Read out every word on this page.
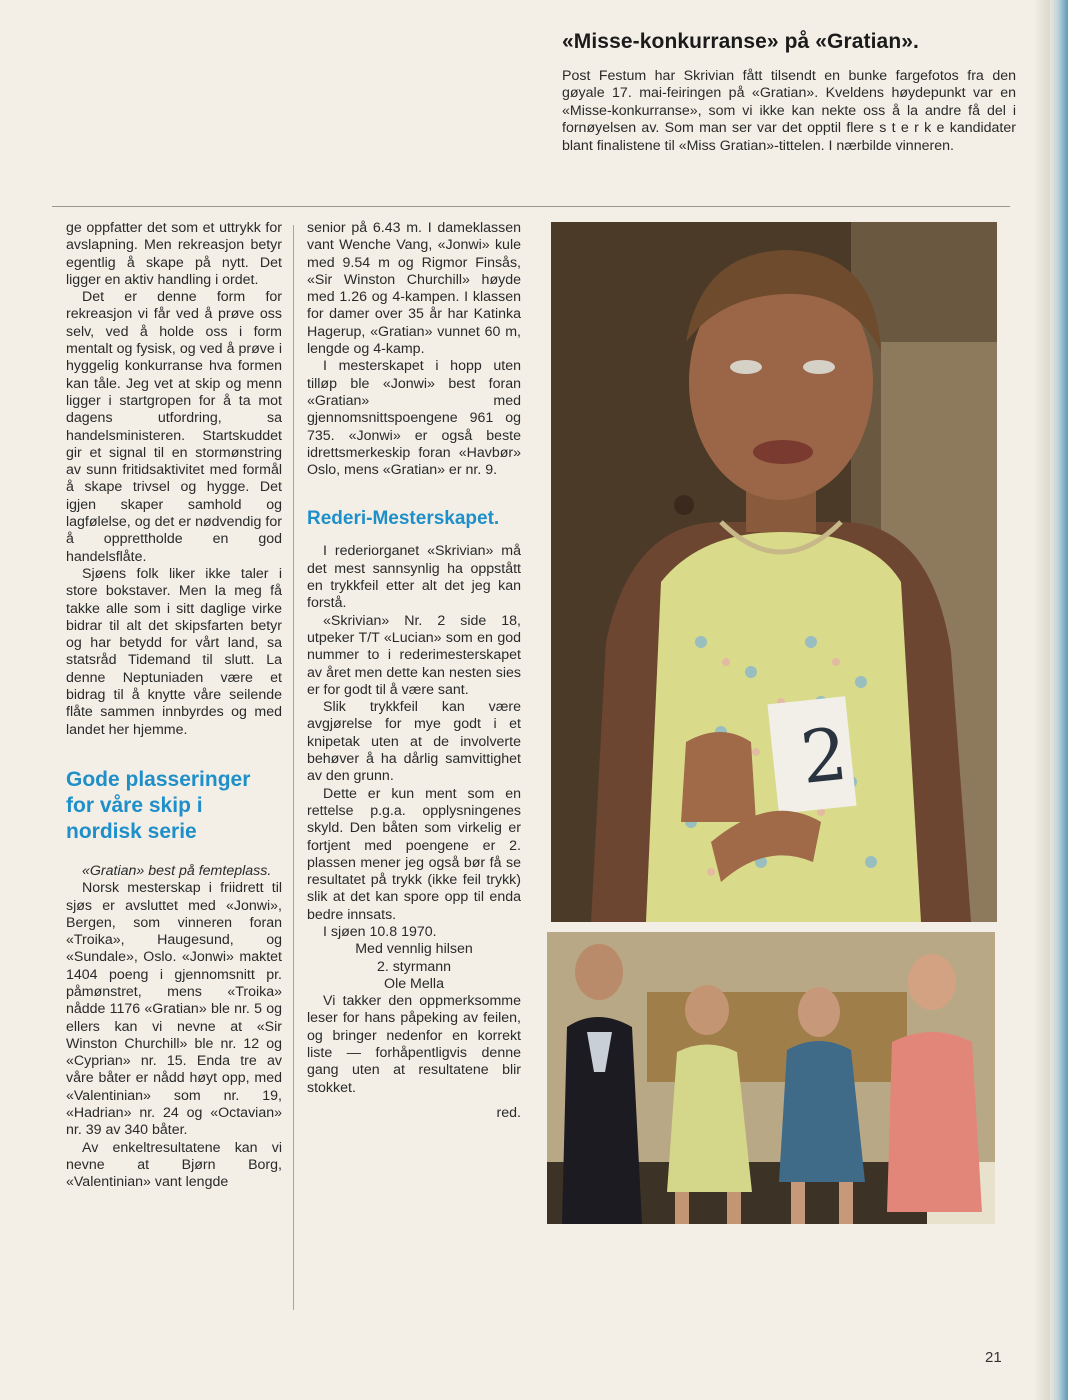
«Misse-konkurranse» på «Gratian».

Post Festum har Skrivian fått tilsendt en bunke fargefotos fra den gøyale 17. mai-feiringen på «Gratian». Kveldens høydepunkt var en «Misse-konkurranse», som vi ikke kan nekte oss å la andre få del i fornøyelsen av. Som man ser var det opptil flere s t e r k e kandidater blant finalistene til «Miss Gratian»-tittelen. I nærbilde vinneren.

ge oppfatter det som et uttrykk for avslapning. Men rekreasjon betyr egentlig å skape på nytt. Det ligger en aktiv handling i ordet.

Det er denne form for rekreasjon vi får ved å prøve oss selv, ved å holde oss i form mentalt og fysisk, og ved å prøve i hyggelig konkurranse hva formen kan tåle. Jeg vet at skip og menn ligger i startgropen for å ta mot dagens utfordring, sa handelsministeren. Startskuddet gir et signal til en stormønstring av sunn fritidsaktivitet med formål å skape trivsel og hygge. Det igjen skaper samhold og lagfølelse, og det er nødvendig for å opprettholde en god handelsflåte.

Sjøens folk liker ikke taler i store bokstaver. Men la meg få takke alle som i sitt daglige virke bidrar til alt det skipsfarten betyr og har betydd for vårt land, sa statsråd Tidemand til slutt. La denne Neptuniaden være et bidrag til å knytte våre seilende flåte sammen innbyrdes og med landet her hjemme.

Gode plasseringer for våre skip i nordisk serie

«Gratian» best på femteplass.

Norsk mesterskap i friidrett til sjøs er avsluttet med «Jonwi», Bergen, som vinneren foran «Troika», Haugesund, og «Sundale», Oslo. «Jonwi» maktet 1404 poeng i gjennomsnitt pr. påmønstret, mens «Troika» nådde 1176 «Gratian» ble nr. 5 og ellers kan vi nevne at «Sir Winston Churchill» ble nr. 12 og «Cyprian» nr. 15. Enda tre av våre båter er nådd høyt opp, med «Valentinian» som nr. 19, «Hadrian» nr. 24 og «Octavian» nr. 39 av 340 båter.

Av enkeltresultatene kan vi nevne at Bjørn Borg, «Valentinian» vant lengde

senior på 6.43 m. I dameklassen vant Wenche Vang, «Jonwi» kule med 9.54 m og Rigmor Finsås, «Sir Winston Churchill» høyde med 1.26 og 4-kampen. I klassen for damer over 35 år har Katinka Hagerup, «Gratian» vunnet 60 m, lengde og 4-kamp.

I mesterskapet i hopp uten tilløp ble «Jonwi» best foran «Gratian» med gjennomsnittspoengene 961 og 735. «Jonwi» er også beste idrettsmerkeskip foran «Havbør» Oslo, mens «Gratian» er nr. 9.

Rederi-Mesterskapet.

I rederiorganet «Skrivian» må det mest sannsynlig ha oppstått en trykkfeil etter alt det jeg kan forstå.

«Skrivian» Nr. 2 side 18, utpeker T/T «Lucian» som en god nummer to i rederimesterskapet av året men dette kan nesten sies er for godt til å være sant.

Slik trykkfeil kan være avgjørelse for mye godt i et knipetak uten at de involverte behøver å ha dårlig samvittighet av den grunn.

Dette er kun ment som en rettelse p.g.a. opplysningenes skyld. Den båten som virkelig er fortjent med poengene er 2. plassen mener jeg også bør få se resultatet på trykk (ikke feil trykk) slik at det kan spore opp til enda bedre innsats.

I sjøen 10.8 1970.

Med vennlig hilsen

2. styrmann

Ole Mella

Vi takker den oppmerksomme leser for hans påpeking av feilen, og bringer nedenfor en korrekt liste — forhåpentligvis denne gang uten at resultatene blir stokket.

red.

2
21
